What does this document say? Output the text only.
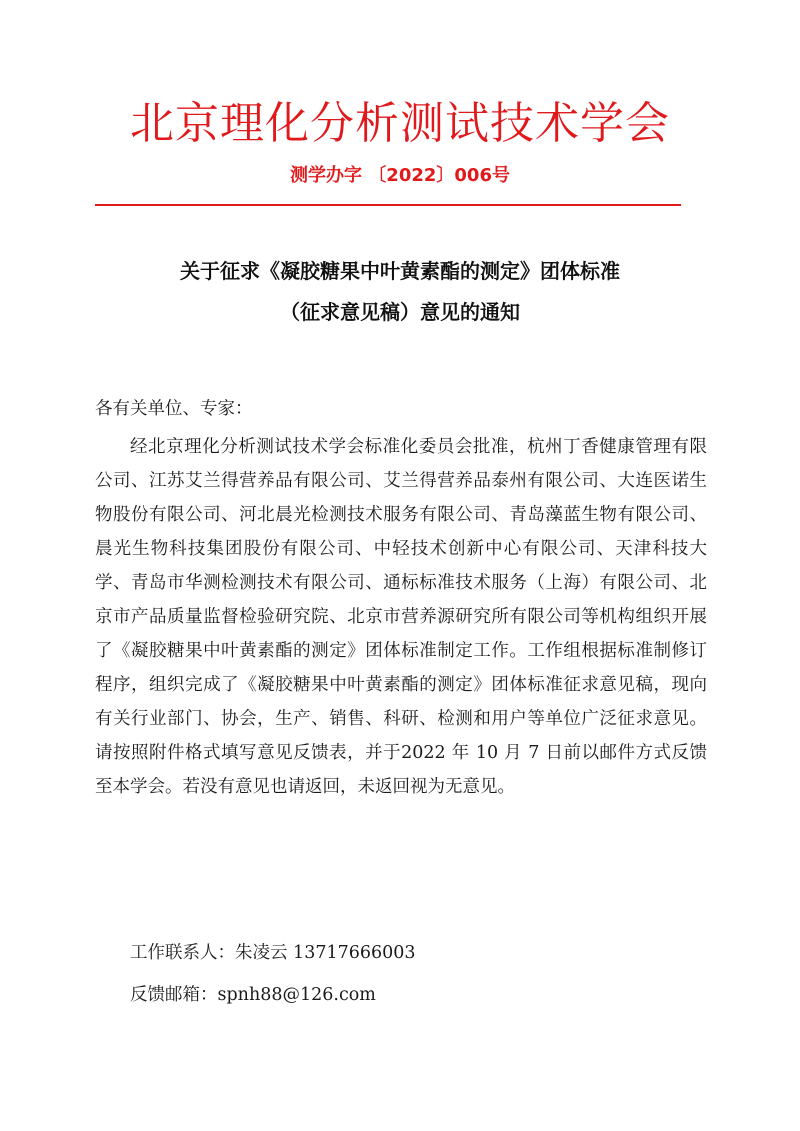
北京理化分析测试技术学会
测学办字 〔2022〕006号
关于征求《凝胶糖果中叶黄素酯的测定》团体标准
（征求意见稿）意见的通知
各有关单位、专家：
经北京理化分析测试技术学会标准化委员会批准，杭州丁香健康管理有限公司、江苏艾兰得营养品有限公司、艾兰得营养品泰州有限公司、大连医诺生物股份有限公司、河北晨光检测技术服务有限公司、青岛藻蓝生物有限公司、晨光生物科技集团股份有限公司、中轻技术创新中心有限公司、天津科技大学、青岛市华测检测技术有限公司、通标标准技术服务（上海）有限公司、北京市产品质量监督检验研究院、北京市营养源研究所有限公司等机构组织开展了《凝胶糖果中叶黄素酯的测定》团体标准制定工作。工作组根据标准制修订程序，组织完成了《凝胶糖果中叶黄素酯的测定》团体标准征求意见稿，现向有关行业部门、协会，生产、销售、科研、检测和用户等单位广泛征求意见。请按照附件格式填写意见反馈表，并于2022 年 10 月 7 日前以邮件方式反馈至本学会。若没有意见也请返回，未返回视为无意见。
工作联系人：朱凌云 13717666003
反馈邮箱：spnh88@126.com
